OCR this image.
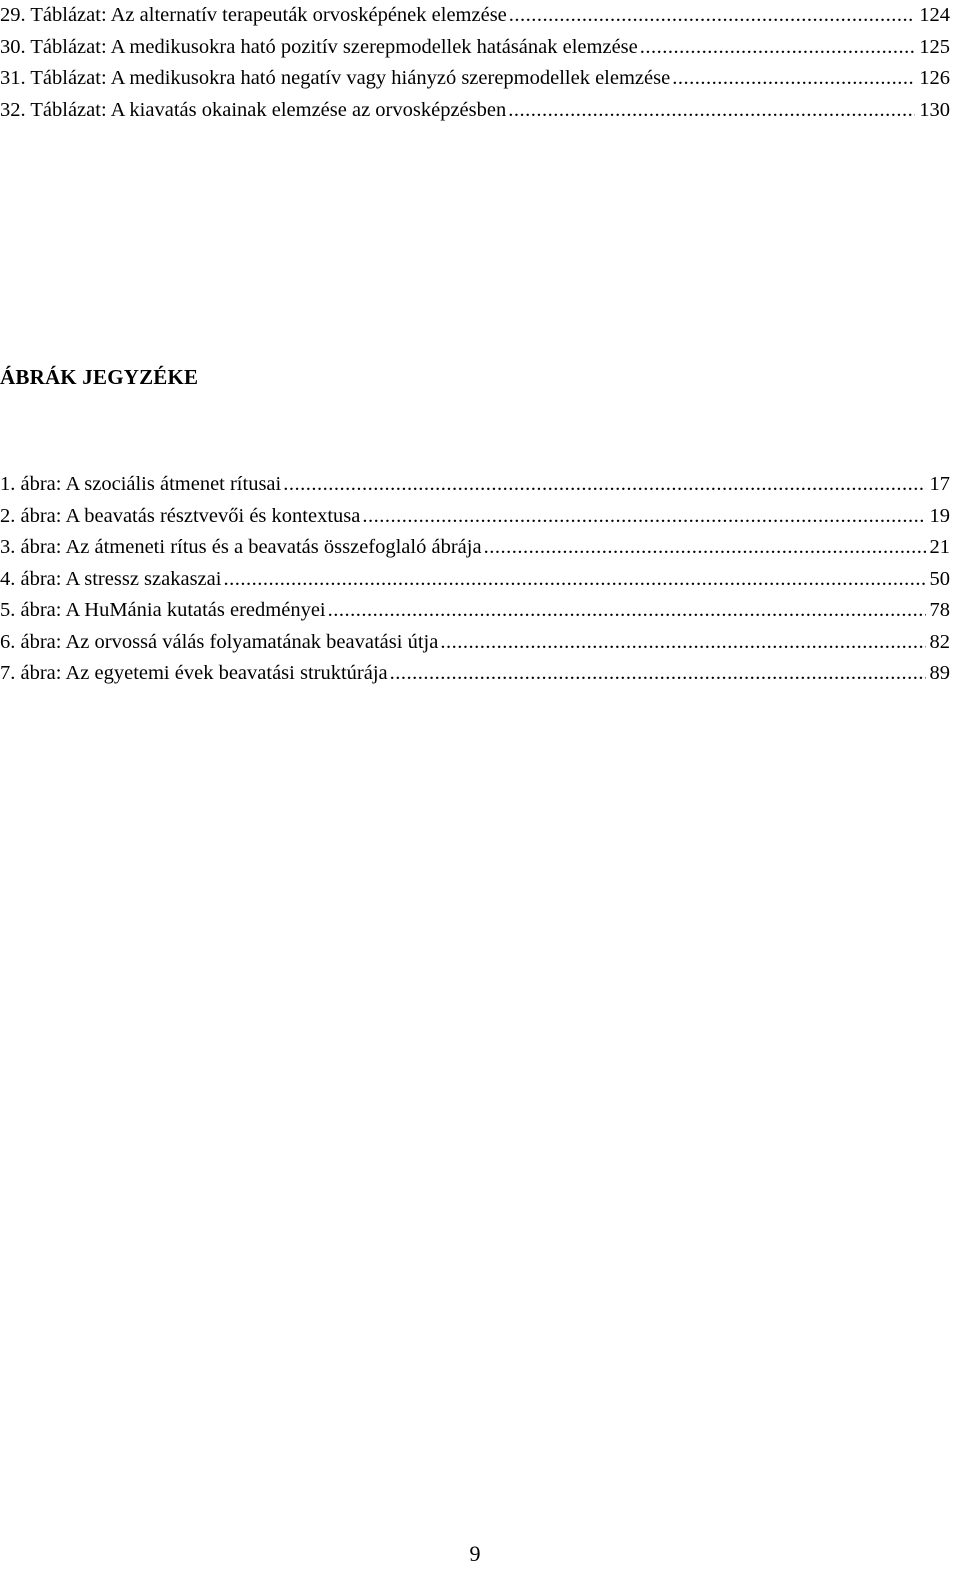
29. Táblázat: Az alternatív terapeuták orvosképének elemzése .....	124
30. Táblázat: A medikusokra ható pozitív szerepmodellek hatásának elemzése .....	125
31. Táblázat: A medikusokra ható negatív vagy hiányzó szerepmodellek elemzése .....	126
32. Táblázat: A kiavatás okainak elemzése az orvosképzésben .....	130
ÁBRÁK JEGYZÉKE
1. ábra: A szociális átmenet rítusai .....	17
2. ábra: A beavatás résztvevői és kontextusa .....	19
3. ábra: Az átmeneti rítus és a beavatás összefoglaló ábrája .....	21
4. ábra: A stressz szakaszai .....	50
5. ábra: A HuMánia kutatás eredményei .....	78
6. ábra: Az orvossá válás folyamatának beavatási útja .....	82
7. ábra: Az egyetemi évek beavatási struktúrája .....	89
9
